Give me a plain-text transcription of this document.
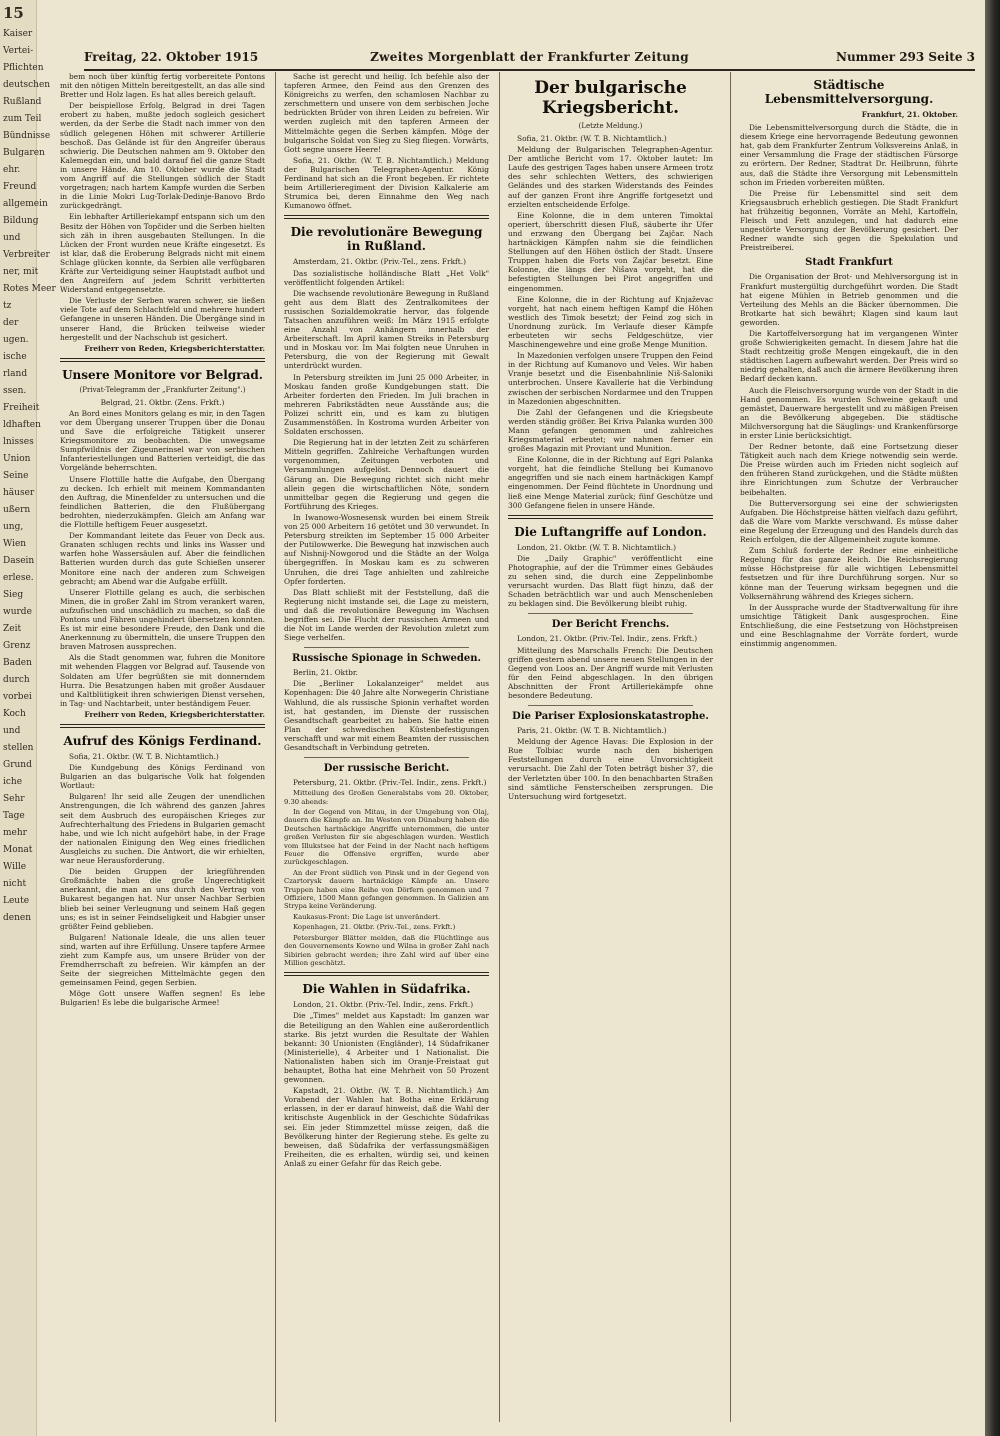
15
Kaiser
Vertei-
Pflichten
deutschen
Rußland
zum Teil
Bündnisse
Bulgaren
ehr.
Freund
allgemein
Bildung
und
Verbreiter
ner, mit
Rotes Meer
tz
der
ugen.
ische
rland
ssen.
Freiheit
ldhaften
lnisses
Union
Seine
häuser
ußern
ung,
Wien
Dasein
erlese.
Sieg
wurde
Zeit
Grenz
Baden
durch
vorbei
Koch
und
stellen
Grund
iche
Sehr
Tage
mehr
Monat
Wille
nicht
Leute
denen
Freitag, 22. Oktober 1915	Zweites Morgenblatt der Frankfurter Zeitung	Nummer 293 Seite 3

bem noch über künftig fertig vorbereitete Pontons mit den nötigen Mitteln bereitgestellt, an das alle sind Bretter und Holz lagen. Es hat alles bereich gelauft.

Der beispiellose Erfolg, Belgrad in drei Tagen erobert zu haben, mußte jedoch sogleich gesichert werden, da der Serbe die Stadt nach immer von den südlich gelegenen Höhen mit schwerer Artillerie beschoß. Das Gelände ist für den Angreifer überaus schwierig. Die Deutschen nahmen am 9. Oktober den Kalemegdan ein, und bald darauf fiel die ganze Stadt in unsere Hände. Am 10. Oktober wurde die Stadt vom Angriff auf die Stellungen südlich der Stadt vorgetragen; nach hartem Kampfe wurden die Serben in die Linie Mokri Lug-Torlak-Dedinje-Banovo Brdo zurückgedrängt.

Ein lebhafter Artilleriekampf entspann sich um den Besitz der Höhen von Topčider und die Serben hielten sich zäh in ihren ausgebauten Stellungen. In die Lücken der Front wurden neue Kräfte eingesetzt. Es ist klar, daß die Eroberung Belgrads nicht mit einem Schlage glücken konnte, da Serbien alle verfügbaren Kräfte zur Verteidigung seiner Hauptstadt aufbot und den Angreifern auf jedem Schritt verbitterten Widerstand entgegensetzte.

Die Verluste der Serben waren schwer, sie ließen viele Tote auf dem Schlachtfeld und mehrere hundert Gefangene in unseren Händen. Die Übergänge sind in unserer Hand, die Brücken teilweise wieder hergestellt und der Nachschub ist gesichert.

Freiherr von Reden, Kriegsberichterstatter.
Unsere Monitore vor Belgrad.
(Privat-Telegramm der „Frankfurter Zeitung".)

Belgrad, 21. Oktbr. (Zens. Frkft.)

An Bord eines Monitors gelang es mir, in den Tagen vor dem Übergang unserer Truppen über die Donau und Save die erfolgreiche Tätigkeit unserer Kriegsmonitore zu beobachten. Die unwegsame Sumpfwildnis der Zigeunerinsel war von serbischen Infanteriestellungen und Batterien verteidigt, die das Vorgelände beherrschten.

Unsere Flottille hatte die Aufgabe, den Übergang zu decken. Ich erhielt mit meinem Kommandanten den Auftrag, die Minenfelder zu untersuchen und die feindlichen Batterien, die den Flußübergang bedrohten, niederzukämpfen. Gleich am Anfang war die Flottille heftigem Feuer ausgesetzt.

Der Kommandant leitete das Feuer von Deck aus. Granaten schlugen rechts und links ins Wasser und warfen hohe Wassersäulen auf. Aber die feindlichen Batterien wurden durch das gute Schießen unserer Monitore eine nach der anderen zum Schweigen gebracht; am Abend war die Aufgabe erfüllt.

Unserer Flottille gelang es auch, die serbischen Minen, die in großer Zahl im Strom verankert waren, aufzufischen und unschädlich zu machen, so daß die Pontons und Fähren ungehindert übersetzen konnten. Es ist mir eine besondere Freude, den Dank und die Anerkennung zu übermitteln, die unsere Truppen den braven Matrosen aussprechen.

Als die Stadt genommen war, fuhren die Monitore mit wehenden Flaggen vor Belgrad auf. Tausende von Soldaten am Ufer begrüßten sie mit donnerndem Hurra. Die Besatzungen haben mit großer Ausdauer und Kaltblütigkeit ihren schwierigen Dienst versehen, in Tag- und Nachtarbeit, unter beständigem Feuer.

Freiherr von Reden, Kriegsberichterstatter.
Aufruf des Königs Ferdinand.

Sofia, 21. Oktbr. (W. T. B. Nichtamtlich.)

Die Kundgebung des Königs Ferdinand von Bulgarien an das bulgarische Volk hat folgenden Wortlaut:

Bulgaren! Ihr seid alle Zeugen der unendlichen Anstrengungen, die Ich während des ganzen Jahres seit dem Ausbruch des europäischen Krieges zur Aufrechterhaltung des Friedens in Bulgarien gemacht habe, und wie Ich nicht aufgehört habe, in der Frage der nationalen Einigung den Weg eines friedlichen Ausgleichs zu suchen. Die Antwort, die wir erhielten, war neue Herausforderung.

Die beiden Gruppen der kriegführenden Großmächte haben die große Ungerechtigkeit anerkannt, die man an uns durch den Vertrag von Bukarest begangen hat. Nur unser Nachbar Serbien blieb bei seiner Verleugnung und seinem Haß gegen uns; es ist in seiner Feindseligkeit und Habgier unser größter Feind geblieben.

Bulgaren! Nationale Ideale, die uns allen teuer sind, warten auf ihre Erfüllung. Unsere tapfere Armee zieht zum Kampfe aus, um unsere Brüder von der Fremdherrschaft zu befreien. Wir kämpfen an der Seite der siegreichen Mittelmächte gegen den gemeinsamen Feind, gegen Serbien.

Möge Gott unsere Waffen segnen! Es lebe Bulgarien! Es lebe die bulgarische Armee!

Sache ist gerecht und heilig. Ich befehle also der tapferen Armee, den Feind aus den Grenzen des Königreichs zu werfen, den schamlosen Nachbar zu zerschmettern und unsere von dem serbischen Joche bedrückten Brüder von ihren Leiden zu befreien. Wir werden zugleich mit den tapferen Armeen der Mittelmächte gegen die Serben kämpfen. Möge der bulgarische Soldat von Sieg zu Sieg fliegen. Vorwärts, Gott segne unsere Heere!

Sofia, 21. Oktbr. (W. T. B. Nichtamtlich.) Meldung der Bulgarischen Telegraphen-Agentur. König Ferdinand hat sich an die Front begeben. Er richtete beim Artillerieregiment der Division Kalkalerie am Strumica bei, deren Einnahme den Weg nach Kumanowo öffnet.

Die revolutionäre Bewegung in Rußland.

Amsterdam, 21. Oktbr. (Priv.-Tel., zens. Frkft.)

Das sozialistische holländische Blatt „Het Volk" veröffentlicht folgenden Artikel:

Die wachsende revolutionäre Bewegung in Rußland geht aus dem Blatt des Zentralkomitees der russischen Sozialdemokratie hervor, das folgende Tatsachen anzuführen weiß: Im März 1915 erfolgte eine Anzahl von Anhängern innerhalb der Arbeiterschaft. Im April kamen Streiks in Petersburg und in Moskau vor. Im Mai folgten neue Unruhen in Petersburg, die von der Regierung mit Gewalt unterdrückt wurden.

In Petersburg streikten im Juni 25 000 Arbeiter, in Moskau fanden große Kundgebungen statt. Die Arbeiter forderten den Frieden. Im Juli brachen in mehreren Fabrikstädten neue Ausstände aus; die Polizei schritt ein, und es kam zu blutigen Zusammenstößen. In Kostroma wurden Arbeiter von Soldaten erschossen.

Die Regierung hat in der letzten Zeit zu schärferen Mitteln gegriffen. Zahlreiche Verhaftungen wurden vorgenommen, Zeitungen verboten und Versammlungen aufgelöst. Dennoch dauert die Gärung an. Die Bewegung richtet sich nicht mehr allein gegen die wirtschaftlichen Nöte, sondern unmittelbar gegen die Regierung und gegen die Fortführung des Krieges.

In Iwanowo-Wosnesensk wurden bei einem Streik von 25 000 Arbeitern 16 getötet und 30 verwundet. In Petersburg streikten im September 15 000 Arbeiter der Putilowwerke. Die Bewegung hat inzwischen auch auf Nishnij-Nowgorod und die Städte an der Wolga übergegriffen. In Moskau kam es zu schweren Unruhen, die drei Tage anhielten und zahlreiche Opfer forderten.

Das Blatt schließt mit der Feststellung, daß die Regierung nicht imstande sei, die Lage zu meistern, und daß die revolutionäre Bewegung im Wachsen begriffen sei. Die Flucht der russischen Armeen und die Not im Lande werden der Revolution zuletzt zum Siege verhelfen.

Russische Spionage in Schweden.

Berlin, 21. Oktbr.

Die „Berliner Lokalanzeiger" meldet aus Kopenhagen: Die 40 Jahre alte Norwegerin Christiane Wahlund, die als russische Spionin verhaftet worden ist, hat gestanden, im Dienste der russischen Gesandtschaft gearbeitet zu haben. Sie hatte einen Plan der schwedischen Küstenbefestigungen verschafft und war mit einem Beamten der russischen Gesandtschaft in Verbindung getreten.

Der russische Bericht.

Petersburg, 21. Oktbr. (Priv.-Tel. Indir., zens. Frkft.)

Mitteilung des Großen Generalstabs vom 20. Oktober, 9.30 abends:

In der Gegend von Mitau, in der Umgebung von Olaj, dauern die Kämpfe an. Im Westen von Dünaburg haben die Deutschen hartnäckige Angriffe unternommen, die unter großen Verlusten für sie abgeschlagen wurden. Westlich vom Illukstsee hat der Feind in der Nacht nach heftigem Feuer die Offensive ergriffen, wurde aber zurückgeschlagen.

An der Front südlich von Pinsk und in der Gegend von Czartorysk dauern hartnäckige Kämpfe an. Unsere Truppen haben eine Reihe von Dörfern genommen und 7 Offiziere, 1500 Mann gefangen genommen. In Galizien am Strypa keine Veränderung.

Kaukasus-Front: Die Lage ist unverändert.

Kopenhagen, 21. Oktbr. (Priv.-Tel., zens. Frkft.)

Petersburger Blätter melden, daß die Flüchtlinge aus den Gouvernements Kowno und Wilna in großer Zahl nach Sibirien gebracht werden; ihre Zahl wird auf über eine Million geschätzt.

Die Wahlen in Südafrika.

London, 21. Oktbr. (Priv.-Tel. Indir., zens. Frkft.)

Die „Times" meldet aus Kapstadt: Im ganzen war die Beteiligung an den Wahlen eine außerordentlich starke. Bis jetzt wurden die Resultate der Wahlen bekannt: 30 Unionisten (Engländer), 14 Südafrikaner (Ministerielle), 4 Arbeiter und 1 Nationalist. Die Nationalisten haben sich im Oranje-Freistaat gut behauptet, Botha hat eine Mehrheit von 50 Prozent gewonnen.

Kapstadt, 21. Oktbr. (W. T. B. Nichtamtlich.) Am Vorabend der Wahlen hat Botha eine Erklärung erlassen, in der er darauf hinweist, daß die Wahl der kritischste Augenblick in der Geschichte Südafrikas sei. Ein jeder Stimmzettel müsse zeigen, daß die Bevölkerung hinter der Regierung stehe. Es gelte zu beweisen, daß Südafrika der verfassungsmäßigen Freiheiten, die es erhalten, würdig sei, und keinen Anlaß zu einer Gefahr für das Reich gebe.

Der bulgarische Kriegsbericht.
(Letzte Meldung.)

Sofia, 21. Oktbr. (W. T. B. Nichtamtlich.)

Meldung der Bulgarischen Telegraphen-Agentur. Der amtliche Bericht vom 17. Oktober lautet: Im Laufe des gestrigen Tages haben unsere Armeen trotz des sehr schlechten Wetters, des schwierigen Geländes und des starken Widerstands des Feindes auf der ganzen Front ihre Angriffe fortgesetzt und erzielten entscheidende Erfolge.

Eine Kolonne, die in dem unteren Timoktal operiert, überschritt diesen Fluß, säuberte ihr Ufer und erzwang den Übergang bei Zajčar. Nach hartnäckigen Kämpfen nahm sie die feindlichen Stellungen auf den Höhen östlich der Stadt. Unsere Truppen haben die Forts von Zajčar besetzt. Eine Kolonne, die längs der Nišava vorgeht, hat die befestigten Stellungen bei Pirot angegriffen und eingenommen.

Eine Kolonne, die in der Richtung auf Knjaževac vorgeht, hat nach einem heftigen Kampf die Höhen westlich des Timok besetzt; der Feind zog sich in Unordnung zurück. Im Verlaufe dieser Kämpfe erbeuteten wir sechs Feldgeschütze, vier Maschinengewehre und eine große Menge Munition.

In Mazedonien verfolgen unsere Truppen den Feind in der Richtung auf Kumanovo und Veles. Wir haben Vranje besetzt und die Eisenbahnlinie Niš-Saloniki unterbrochen. Unsere Kavallerie hat die Verbindung zwischen der serbischen Nordarmee und den Truppen in Mazedonien abgeschnitten.

Die Zahl der Gefangenen und die Kriegsbeute werden ständig größer. Bei Kriva Palanka wurden 300 Mann gefangen genommen und zahlreiches Kriegsmaterial erbeutet; wir nahmen ferner ein großes Magazin mit Proviant und Munition.

Eine Kolonne, die in der Richtung auf Egri Palanka vorgeht, hat die feindliche Stellung bei Kumanovo angegriffen und sie nach einem hartnäckigen Kampf eingenommen. Der Feind flüchtete in Unordnung und ließ eine Menge Material zurück; fünf Geschütze und 300 Gefangene fielen in unsere Hände.

Die Luftangriffe auf London.

London, 21. Oktbr. (W. T. B. Nichtamtlich.)

Die „Daily Graphic" veröffentlicht eine Photographie, auf der die Trümmer eines Gebäudes zu sehen sind, die durch eine Zeppelinbombe verursacht wurden. Das Blatt fügt hinzu, daß der Schaden beträchtlich war und auch Menschenleben zu beklagen sind. Die Bevölkerung bleibt ruhig.

Der Bericht Frenchs.

London, 21. Oktbr. (Priv.-Tel. Indir., zens. Frkft.)

Mitteilung des Marschalls French: Die Deutschen griffen gestern abend unsere neuen Stellungen in der Gegend von Loos an. Der Angriff wurde mit Verlusten für den Feind abgeschlagen. In den übrigen Abschnitten der Front Artilleriekämpfe ohne besondere Bedeutung.

Die Pariser Explosionskatastrophe.

Paris, 21. Oktbr. (W. T. B. Nichtamtlich.)

Meldung der Agence Havas: Die Explosion in der Rue Tolbiac wurde nach den bisherigen Feststellungen durch eine Unvorsichtigkeit verursacht. Die Zahl der Toten beträgt bisher 37, die der Verletzten über 100. In den benachbarten Straßen sind sämtliche Fensterscheiben zersprungen. Die Untersuchung wird fortgesetzt.

Städtische Lebensmittelversorgung.

Frankfurt, 21. Oktober.

Die Lebensmittelversorgung durch die Städte, die in diesem Kriege eine hervorragende Bedeutung gewonnen hat, gab dem Frankfurter Zentrum Volksvereins Anlaß, in einer Versammlung die Frage der städtischen Fürsorge zu erörtern. Der Redner, Stadtrat Dr. Heilbrunn, führte aus, daß die Städte ihre Versorgung mit Lebensmitteln schon im Frieden vorbereiten müßten.

Die Preise für Lebensmittel sind seit dem Kriegsausbruch erheblich gestiegen. Die Stadt Frankfurt hat frühzeitig begonnen, Vorräte an Mehl, Kartoffeln, Fleisch und Fett anzulegen, und hat dadurch eine ungestörte Versorgung der Bevölkerung gesichert. Der Redner wandte sich gegen die Spekulation und Preistreiberei.

Stadt Frankfurt

Die Organisation der Brot- und Mehlversorgung ist in Frankfurt mustergültig durchgeführt worden. Die Stadt hat eigene Mühlen in Betrieb genommen und die Verteilung des Mehls an die Bäcker übernommen. Die Brotkarte hat sich bewährt; Klagen sind kaum laut geworden.

Die Kartoffelversorgung hat im vergangenen Winter große Schwierigkeiten gemacht. In diesem Jahre hat die Stadt rechtzeitig große Mengen eingekauft, die in den städtischen Lagern aufbewahrt werden. Der Preis wird so niedrig gehalten, daß auch die ärmere Bevölkerung ihren Bedarf decken kann.

Auch die Fleischversorgung wurde von der Stadt in die Hand genommen. Es wurden Schweine gekauft und gemästet, Dauerware hergestellt und zu mäßigen Preisen an die Bevölkerung abgegeben. Die städtische Milchversorgung hat die Säuglings- und Krankenfürsorge in erster Linie berücksichtigt.

Der Redner betonte, daß eine Fortsetzung dieser Tätigkeit auch nach dem Kriege notwendig sein werde. Die Preise würden auch im Frieden nicht sogleich auf den früheren Stand zurückgehen, und die Städte müßten ihre Einrichtungen zum Schutze der Verbraucher beibehalten.

Die Butterversorgung sei eine der schwierigsten Aufgaben. Die Höchstpreise hätten vielfach dazu geführt, daß die Ware vom Markte verschwand. Es müsse daher eine Regelung der Erzeugung und des Handels durch das Reich erfolgen, die der Allgemeinheit zugute komme.

Zum Schluß forderte der Redner eine einheitliche Regelung für das ganze Reich. Die Reichsregierung müsse Höchstpreise für alle wichtigen Lebensmittel festsetzen und für ihre Durchführung sorgen. Nur so könne man der Teuerung wirksam begegnen und die Volksernährung während des Krieges sichern.

In der Aussprache wurde der Stadtverwaltung für ihre umsichtige Tätigkeit Dank ausgesprochen. Eine Entschließung, die eine Festsetzung von Höchstpreisen und eine Beschlagnahme der Vorräte fordert, wurde einstimmig angenommen.
